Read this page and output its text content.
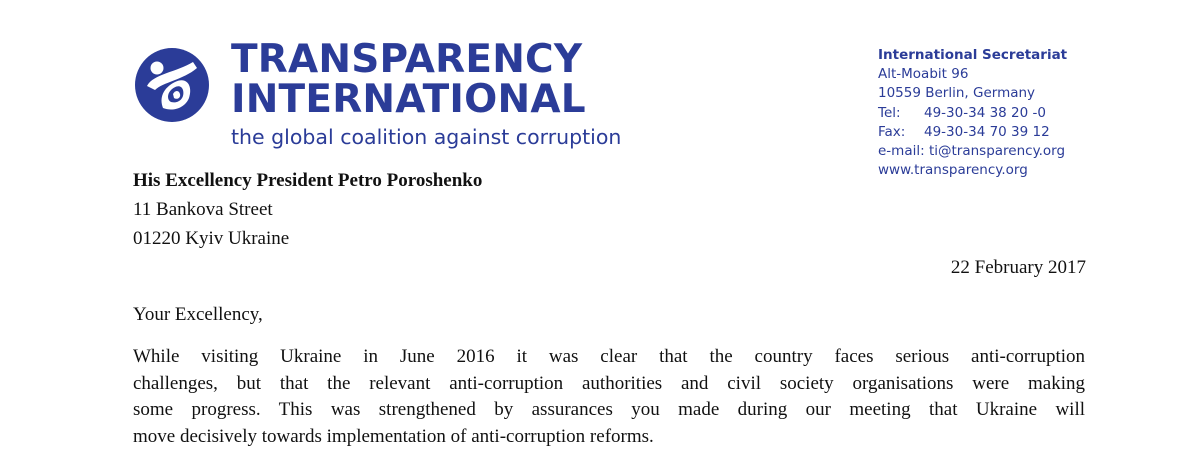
TRANSPARENCY
INTERNATIONAL
the global coalition against corruption
International Secretariat
Alt-Moabit 96
10559 Berlin, Germany
Tel: 49-30-34 38 20 -0
Fax: 49-30-34 70 39 12
e-mail: ti@transparency.org
www.transparency.org
His Excellency President Petro Poroshenko
11 Bankova Street
01220 Kyiv Ukraine
22 February 2017
Your Excellency,
While visiting Ukraine in June 2016 it was clear that the country faces serious anti-corruption
challenges, but that the relevant anti-corruption authorities and civil society organisations were making
some progress. This was strengthened by assurances you made during our meeting that Ukraine will
move decisively towards implementation of anti-corruption reforms.
